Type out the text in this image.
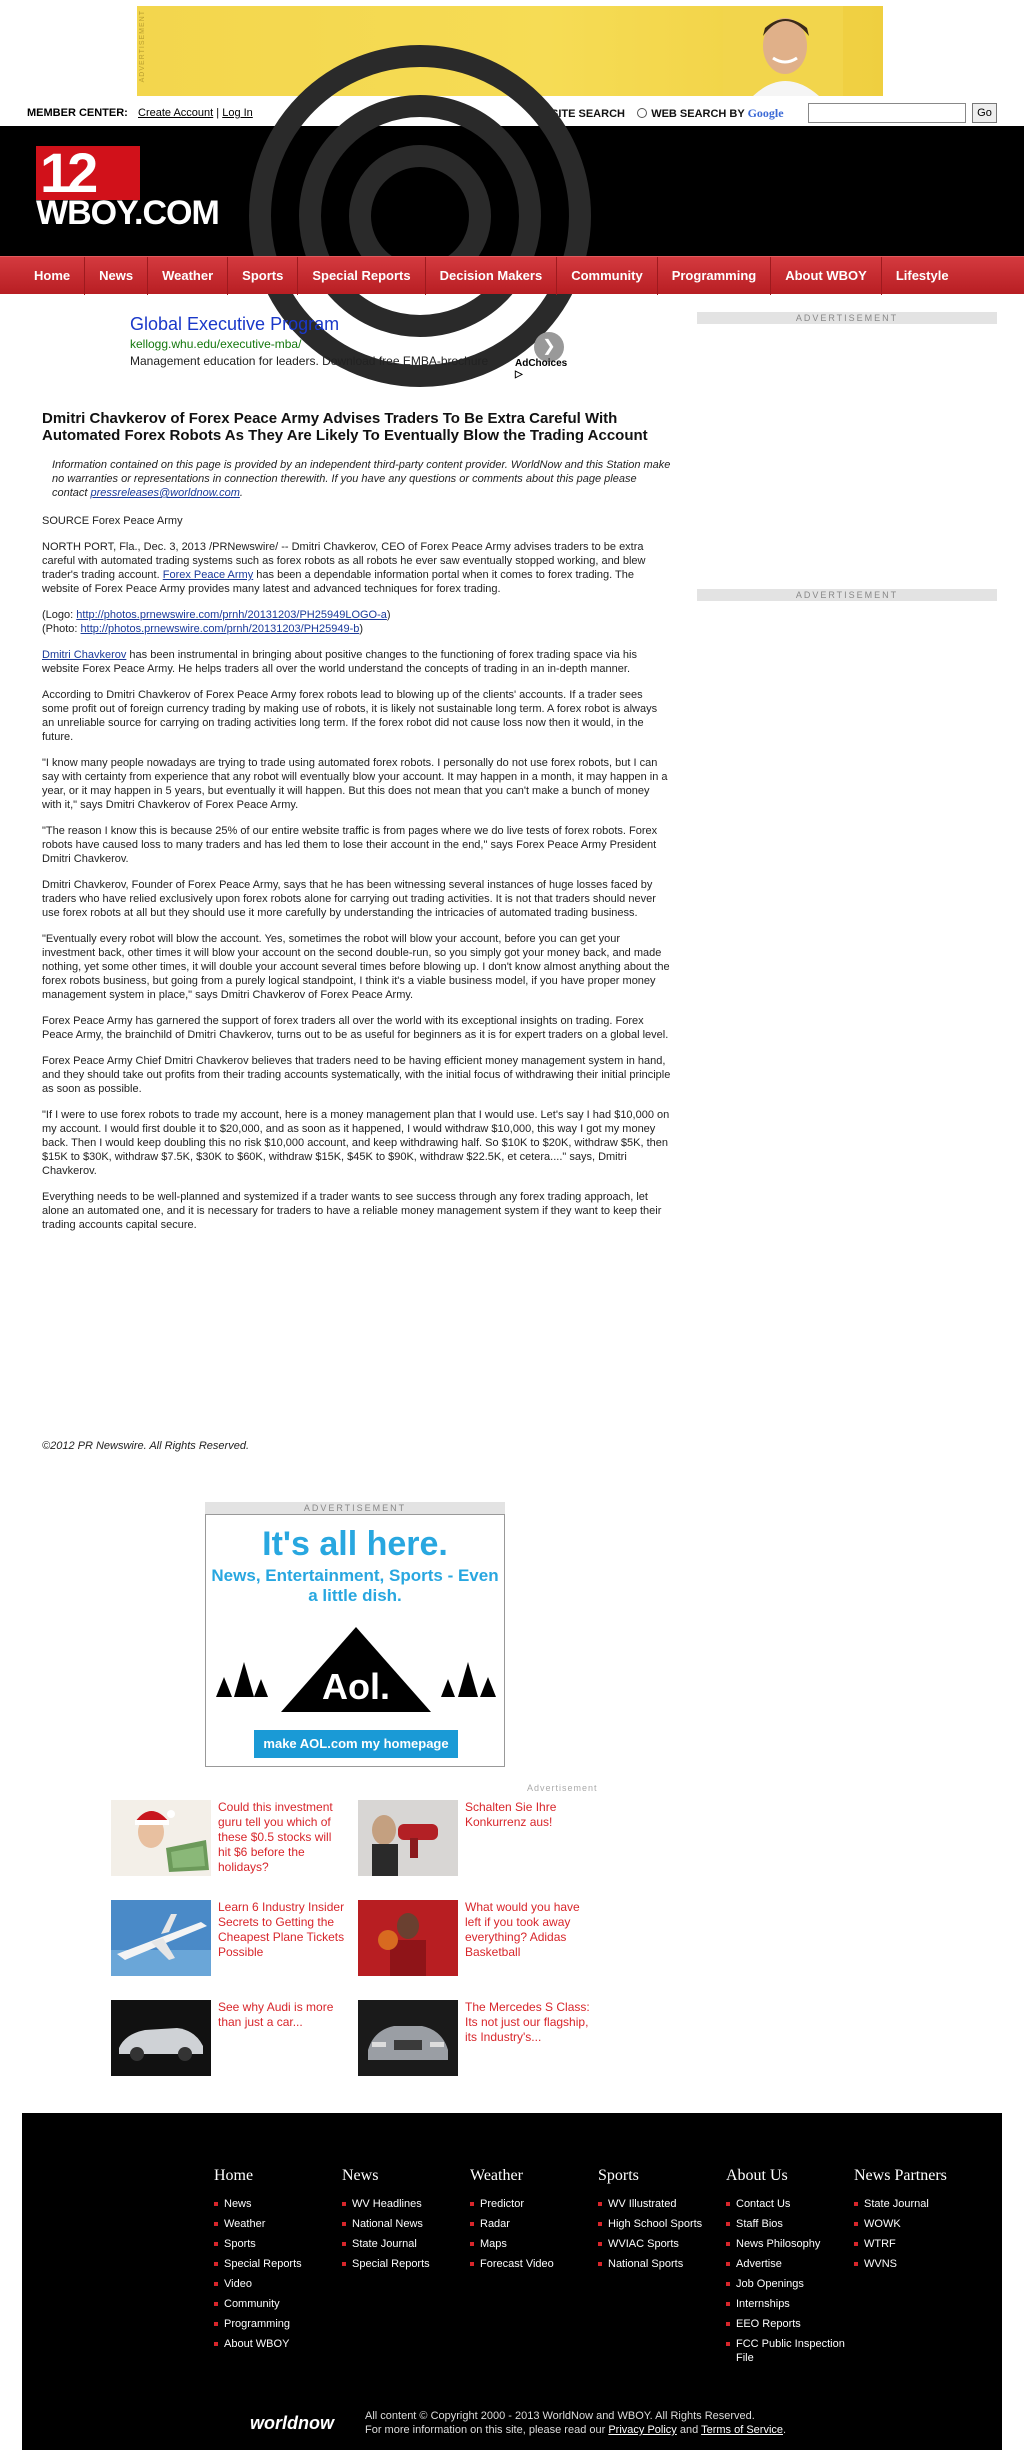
ADVERTISEMENT
MEMBER CENTER: Create Account | Log In	SITE SEARCH WEB SEARCH BY Google	Go
12
WBOY.COM
Home	News	Weather	Sports	Special Reports	Decision Makers	Community	Programming	About WBOY	Lifestyle
Global Executive Program
kellogg.whu.edu/executive-mba/
Management education for leaders. Download free EMBA-brochure
❯
AdChoices ▷
ADVERTISEMENT
ADVERTISEMENT
Dmitri Chavkerov of Forex Peace Army Advises Traders To Be Extra Careful With Automated Forex Robots As They Are Likely To Eventually Blow the Trading Account

Information contained on this page is provided by an independent third-party content provider. WorldNow and this Station make no warranties or representations in connection therewith. If you have any questions or comments about this page please contact pressreleases@worldnow.com.

SOURCE Forex Peace Army

NORTH PORT, Fla., Dec. 3, 2013 /PRNewswire/ -- Dmitri Chavkerov, CEO of Forex Peace Army advises traders to be extra careful with automated trading systems such as forex robots as all robots he ever saw eventually stopped working, and blew trader's trading account. Forex Peace Army has been a dependable information portal when it comes to forex trading. The website of Forex Peace Army provides many latest and advanced techniques for forex trading.

(Logo: http://photos.prnewswire.com/prnh/20131203/PH25949LOGO-a)
(Photo: http://photos.prnewswire.com/prnh/20131203/PH25949-b)

Dmitri Chavkerov has been instrumental in bringing about positive changes to the functioning of forex trading space via his website Forex Peace Army. He helps traders all over the world understand the concepts of trading in an in-depth manner.

According to Dmitri Chavkerov of Forex Peace Army forex robots lead to blowing up of the clients' accounts. If a trader sees some profit out of foreign currency trading by making use of robots, it is likely not sustainable long term. A forex robot is always an unreliable source for carrying on trading activities long term. If the forex robot did not cause loss now then it would, in the future.

"I know many people nowadays are trying to trade using automated forex robots. I personally do not use forex robots, but I can say with certainty from experience that any robot will eventually blow your account. It may happen in a month, it may happen in a year, or it may happen in 5 years, but eventually it will happen. But this does not mean that you can't make a bunch of money with it," says Dmitri Chavkerov of Forex Peace Army.

"The reason I know this is because 25% of our entire website traffic is from pages where we do live tests of forex robots. Forex robots have caused loss to many traders and has led them to lose their account in the end," says Forex Peace Army President Dmitri Chavkerov.

Dmitri Chavkerov, Founder of Forex Peace Army, says that he has been witnessing several instances of huge losses faced by traders who have relied exclusively upon forex robots alone for carrying out trading activities. It is not that traders should never use forex robots at all but they should use it more carefully by understanding the intricacies of automated trading business.

"Eventually every robot will blow the account. Yes, sometimes the robot will blow your account, before you can get your investment back, other times it will blow your account on the second double-run, so you simply got your money back, and made nothing, yet some other times, it will double your account several times before blowing up. I don't know almost anything about the forex robots business, but going from a purely logical standpoint, I think it's a viable business model, if you have proper money management system in place," says Dmitri Chavkerov of Forex Peace Army.

Forex Peace Army has garnered the support of forex traders all over the world with its exceptional insights on trading. Forex Peace Army, the brainchild of Dmitri Chavkerov, turns out to be as useful for beginners as it is for expert traders on a global level.

Forex Peace Army Chief Dmitri Chavkerov believes that traders need to be having efficient money management system in hand, and they should take out profits from their trading accounts systematically, with the initial focus of withdrawing their initial principle as soon as possible.

"If I were to use forex robots to trade my account, here is a money management plan that I would use. Let's say I had $10,000 on my account. I would first double it to $20,000, and as soon as it happened, I would withdraw $10,000, this way I got my money back. Then I would keep doubling this no risk $10,000 account, and keep withdrawing half. So $10K to $20K, withdraw $5K, then $15K to $30K, withdraw $7.5K, $30K to $60K, withdraw $15K, $45K to $90K, withdraw $22.5K, et cetera...." says, Dmitri Chavkerov.

Everything needs to be well-planned and systemized if a trader wants to see success through any forex trading approach, let alone an automated one, and it is necessary for traders to have a reliable money management system if they want to keep their trading accounts capital secure.

©2012 PR Newswire. All Rights Reserved.
ADVERTISEMENT
It's all here.
News, Entertainment, Sports - Even a little dish.
Aol.
make AOL.com my homepage
Advertisement
Could this investment guru tell you which of these $0.5 stocks will hit $6 before the holidays?
Schalten Sie Ihre Konkurrenz aus!
Learn 6 Industry Insider Secrets to Getting the Cheapest Plane Tickets Possible
What would you have left if you took away everything? Adidas Basketball
See why Audi is more than just a car...
The Mercedes S Class: Its not just our flagship, its Industry's...
Home
News
Weather
Sports
Special Reports
Video
Community
Programming
About WBOY
News
WV Headlines
National News
State Journal
Special Reports
Weather
Predictor
Radar
Maps
Forecast Video
Sports
WV Illustrated
High School Sports
WVIAC Sports
National Sports
About Us
Contact Us
Staff Bios
News Philosophy
Advertise
Job Openings
Internships
EEO Reports
FCC Public Inspection File
News Partners
State Journal
WOWK
WTRF
WVNS
worldnow	All content © Copyright 2000 - 2013 WorldNow and WBOY. All Rights Reserved.
For more information on this site, please read our Privacy Policy and Terms of Service.
